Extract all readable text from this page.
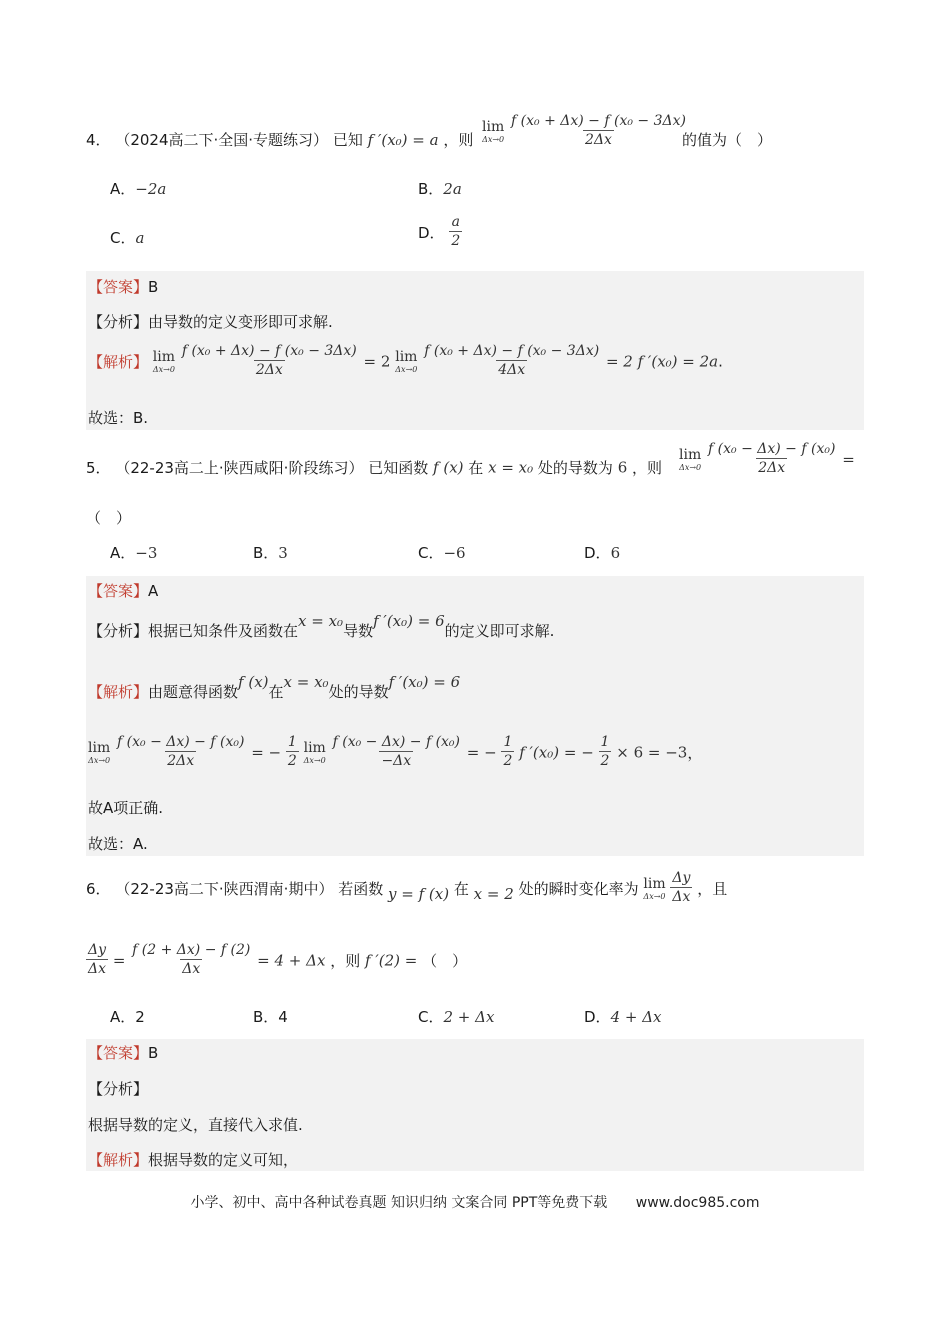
4． （2024高二下·全国·专题练习） 已知 f ′(x₀) = a ，则
lim
Δx→0
$\frac{\text{f (x₀ + Δx) − f (x₀ − 3Δx)}}{2\Delta x}$
的值为（　）
A．−2a	B．2a
C．a	D． $\frac{a}{2}$
【答案】B
【分析】由导数的定义变形即可求解.
【解析】 lim
Δx→0
$\frac{\text{f (x₀ + Δx) − f (x₀ − 3Δx)}}{2\Delta x} = 2$ lim
Δx→0
$\frac{\text{f (x₀ + Δx) − f (x₀ − 3Δx)}}{4\Delta x} = 2$ f ′(x₀) = 2a.
故选：B.
5． （22-23高二上·陕西咸阳·阶段练习） 已知函数 f (x) 在 x = x₀ 处的导数为 6 ，则
lim
Δx→0
$\frac{\text{f (x₀ − Δx) − f (x₀)}}{2\Delta x}$ =
（　）
A．−3	B．3	C．−6	D．6
【答案】A
【分析】根据已知条件及函数在x = x₀导数f ′(x₀) = 6的定义即可求解.
【解析】由题意得函数f (x)在x = x₀处的导数f ′(x₀) = 6
lim
Δx→0
$\frac{\text{f (x₀ − Δx) − f (x₀)}}{2\Delta x}$ = − $\frac{1}{2}$
lim
Δx→0
$\frac{\text{f (x₀ − Δx) − f (x₀)}}{-\Delta x}$ = − $\frac{1}{2}$ f ′(x₀) = − $\frac{1}{2} \times 6 = -3$，
故A项正确.
故选：A.
6． （22-23高二下·陕西渭南·期中） 若函数 y = f (x) 在 x = 2 处的瞬时变化率为 lim
Δx→0
$\frac{\Delta y}{\Delta x}$ ，且
$\frac{\Delta y}{\Delta x} = \frac{f (2 + \Delta x) - f (2)}{\Delta x} = 4 + \Delta x$ ，则 f ′(2) = （　）
A．2	B．4	C．2 + Δx	D．4 + Δx
【答案】B
【分析】
根据导数的定义，直接代入求值.
【解析】根据导数的定义可知，
小学、初中、高中各种试卷真题 知识归纳 文案合同 PPT等免费下载 www.doc985.com
